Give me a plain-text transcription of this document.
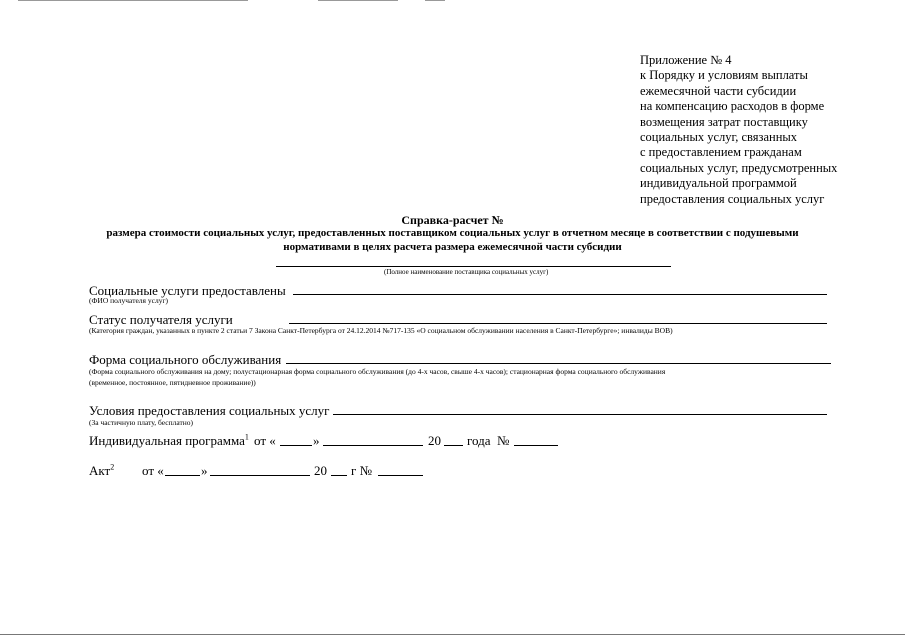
Приложение № 4
к Порядку и условиям выплаты
ежемесячной части субсидии
на компенсацию расходов в форме
возмещения затрат поставщику
социальных услуг, связанных
с предоставлением гражданам
социальных услуг, предусмотренных
индивидуальной программой
предоставления социальных услуг
Справка-расчет №
размера стоимости социальных услуг, предоставленных поставщиком социальных услуг в отчетном месяце в соответствии с подушевыми
нормативами в целях расчета размера ежемесячной части субсидии
(Полное наименование поставщика социальных услуг)
Социальные услуги предоставлены
(ФИО получателя услуг)
Статус получателя услуги
(Категория граждан, указанных в пункте 2 статьи 7 Закона Санкт-Петербурга от 24.12.2014 №717-135 «О социальном обслуживании населения в Санкт-Петербурге»; инвалиды ВОВ)
Форма социального обслуживания
(Форма социального обслуживания на дому; полустационарная форма социального обслуживания (до 4-х часов, свыше 4-х часов); стационарная форма социального обслуживания
(временное, постоянное, пятидневное проживание))
Условия предоставления социальных услуг
(За частичную плату, бесплатно)
Индивидуальная программа$^1$ от «	»	20 года №
Акт$^2$ от «	»	20 г №
